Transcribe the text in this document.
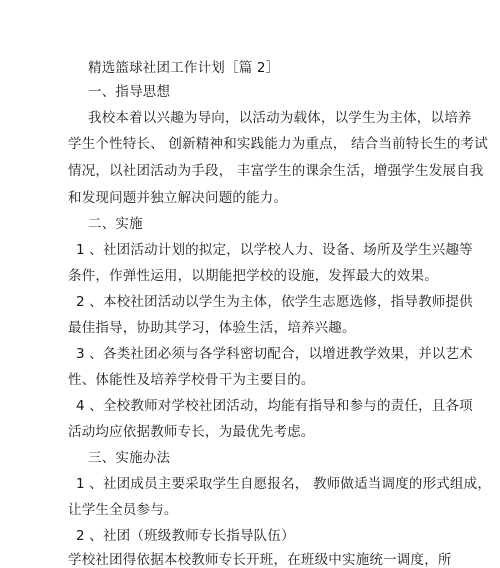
精选篮球社团工作计划［篇 2］
一、指导思想
我校本着以兴趣为导向，以活动为载体，以学生为主体，以培养
学生个性特长、 创新精神和实践能力为重点， 结合当前特长生的考试
情况，以社团活动为手段， 丰富学生的课余生活，增强学生发展自我
和发现问题并独立解决问题的能力。
二、实施
1 、社团活动计划的拟定，以学校人力、设备、场所及学生兴趣等
条件，作弹性运用，以期能把学校的设施，发挥最大的效果。
2 、本校社团活动以学生为主体，依学生志愿选修，指导教师提供
最佳指导，协助其学习，体验生活，培养兴趣。
3 、各类社团必须与各学科密切配合，以增进教学效果，并以艺术
性、体能性及培养学校骨干为主要目的。
4 、全校教师对学校社团活动，均能有指导和参与的责任，且各项
活动均应依据教师专长，为最优先考虑。
三、实施办法
1 、社团成员主要采取学生自愿报名， 教师做适当调度的形式组成，
让学生全员参与。
2 、社团（班级教师专长指导队伍）
学校社团得依据本校教师专长开班，在班级中实施统一调度，所
